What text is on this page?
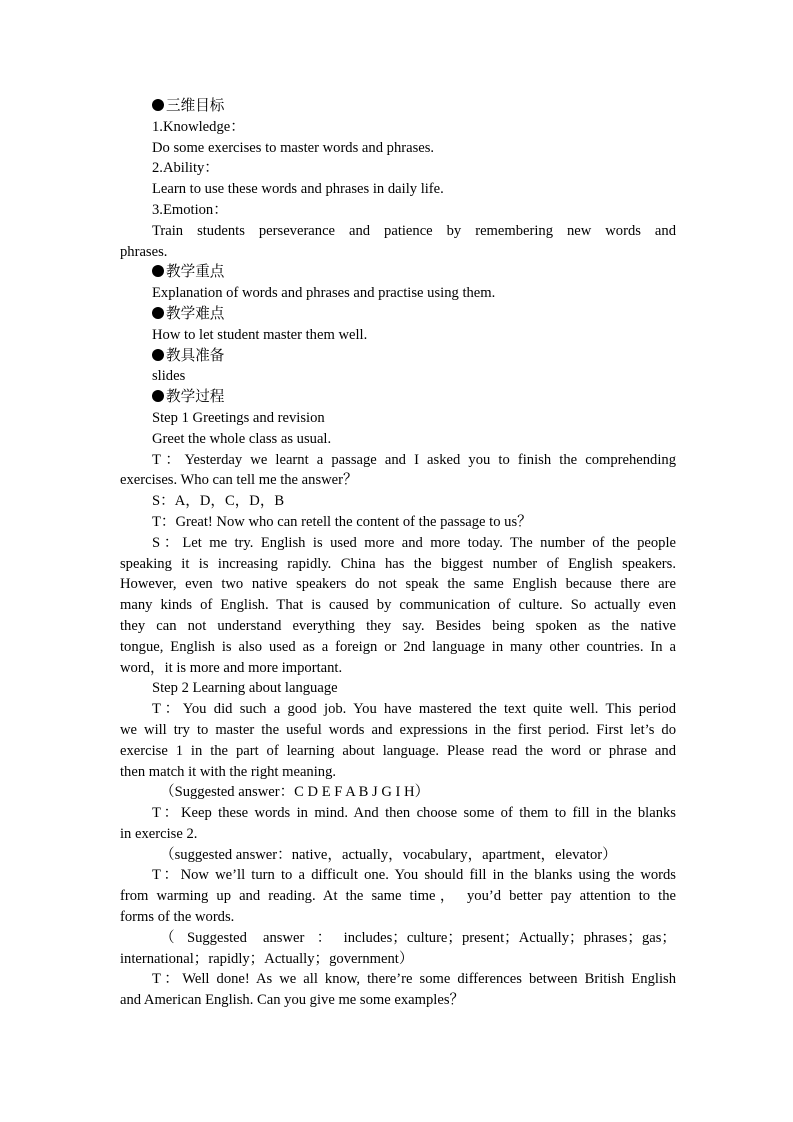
三维目标
1.Knowledge：
Do some exercises to master words and phrases.
2.Ability：
Learn to use these words and phrases in daily life.
3.Emotion：
Train students perseverance and patience by remembering new words and
phrases.
教学重点
Explanation of words and phrases and practise using them.
教学难点
How to let student master them well.
教具准备
slides
教学过程
Step 1 Greetings and revision
Greet the whole class as usual.
T：Yesterday we learnt a passage and I asked you to finish the comprehending
exercises. Who can tell me the answer？
S：A，D，C，D，B
T：Great! Now who can retell the content of the passage to us？
S：Let me try. English is used more and more today. The number of the people
speaking it is increasing rapidly. China has the biggest number of English speakers.
However, even two native speakers do not speak the same English because there are
many kinds of English. That is caused by communication of culture. So actually even
they can not understand everything they say. Besides being spoken as the native
tongue, English is also used as a foreign or 2nd language in many other countries. In a
word，it is more and more important.
Step 2 Learning about language
T：You did such a good job. You have mastered the text quite well. This period
we will try to master the useful words and expressions in the first period. First let’s do
exercise 1 in the part of learning about language. Please read the word or phrase and
then match it with the right meaning.
（Suggested answer：C D E F A B J G I H）
T：Keep these words in mind. And then choose some of them to fill in the blanks
in exercise 2.
（suggested answer：native，actually，vocabulary，apartment，elevator）
T：Now we’ll turn to a difficult one. You should fill in the blanks using the words
from warming up and reading. At the same time， you’d better pay attention to the
forms of the words.
（Suggested answer：includes；culture；present；Actually；phrases；gas；
international；rapidly；Actually；government）
T：Well done! As we all know, there’re some differences between British English
and American English. Can you give me some examples？
